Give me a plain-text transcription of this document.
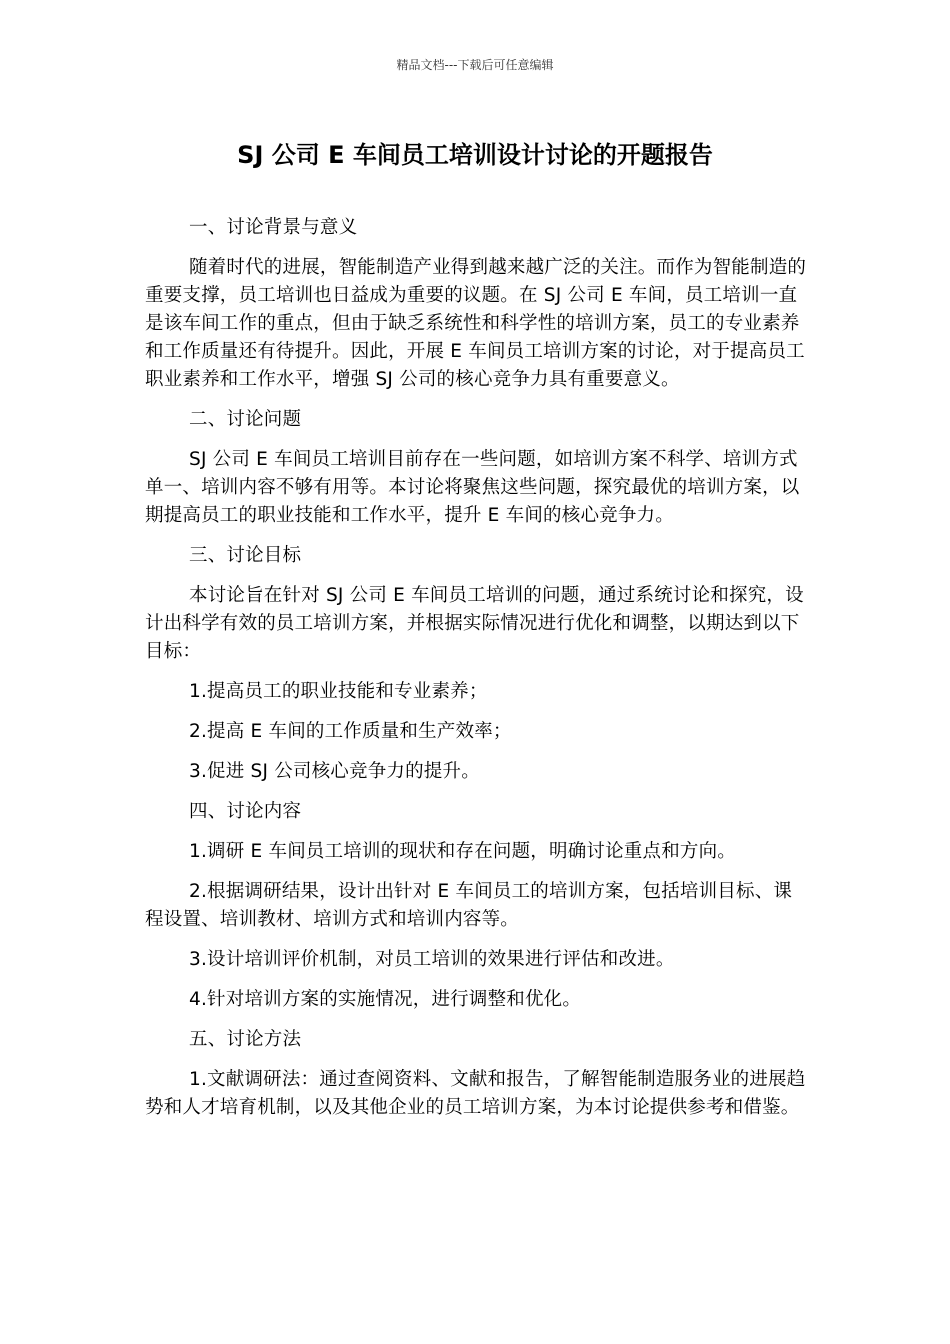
精品文档---下载后可任意编辑
SJ 公司 E 车间员工培训设计讨论的开题报告

一、讨论背景与意义

随着时代的进展，智能制造产业得到越来越广泛的关注。而作为智能制造的重要支撑，员工培训也日益成为重要的议题。在 SJ 公司 E 车间，员工培训一直是该车间工作的重点，但由于缺乏系统性和科学性的培训方案，员工的专业素养和工作质量还有待提升。因此，开展 E 车间员工培训方案的讨论，对于提高员工职业素养和工作水平，增强 SJ 公司的核心竞争力具有重要意义。

二、讨论问题

SJ 公司 E 车间员工培训目前存在一些问题，如培训方案不科学、培训方式单一、培训内容不够有用等。本讨论将聚焦这些问题，探究最优的培训方案，以期提高员工的职业技能和工作水平，提升 E 车间的核心竞争力。

三、讨论目标

本讨论旨在针对 SJ 公司 E 车间员工培训的问题，通过系统讨论和探究，设计出科学有效的员工培训方案，并根据实际情况进行优化和调整，以期达到以下目标：

1.提高员工的职业技能和专业素养；

2.提高 E 车间的工作质量和生产效率；

3.促进 SJ 公司核心竞争力的提升。

四、讨论内容

1.调研 E 车间员工培训的现状和存在问题，明确讨论重点和方向。

2.根据调研结果，设计出针对 E 车间员工的培训方案，包括培训目标、课程设置、培训教材、培训方式和培训内容等。

3.设计培训评价机制，对员工培训的效果进行评估和改进。

4.针对培训方案的实施情况，进行调整和优化。

五、讨论方法

1.文献调研法：通过查阅资料、文献和报告，了解智能制造服务业的进展趋势和人才培育机制，以及其他企业的员工培训方案，为本讨论提供参考和借鉴。
